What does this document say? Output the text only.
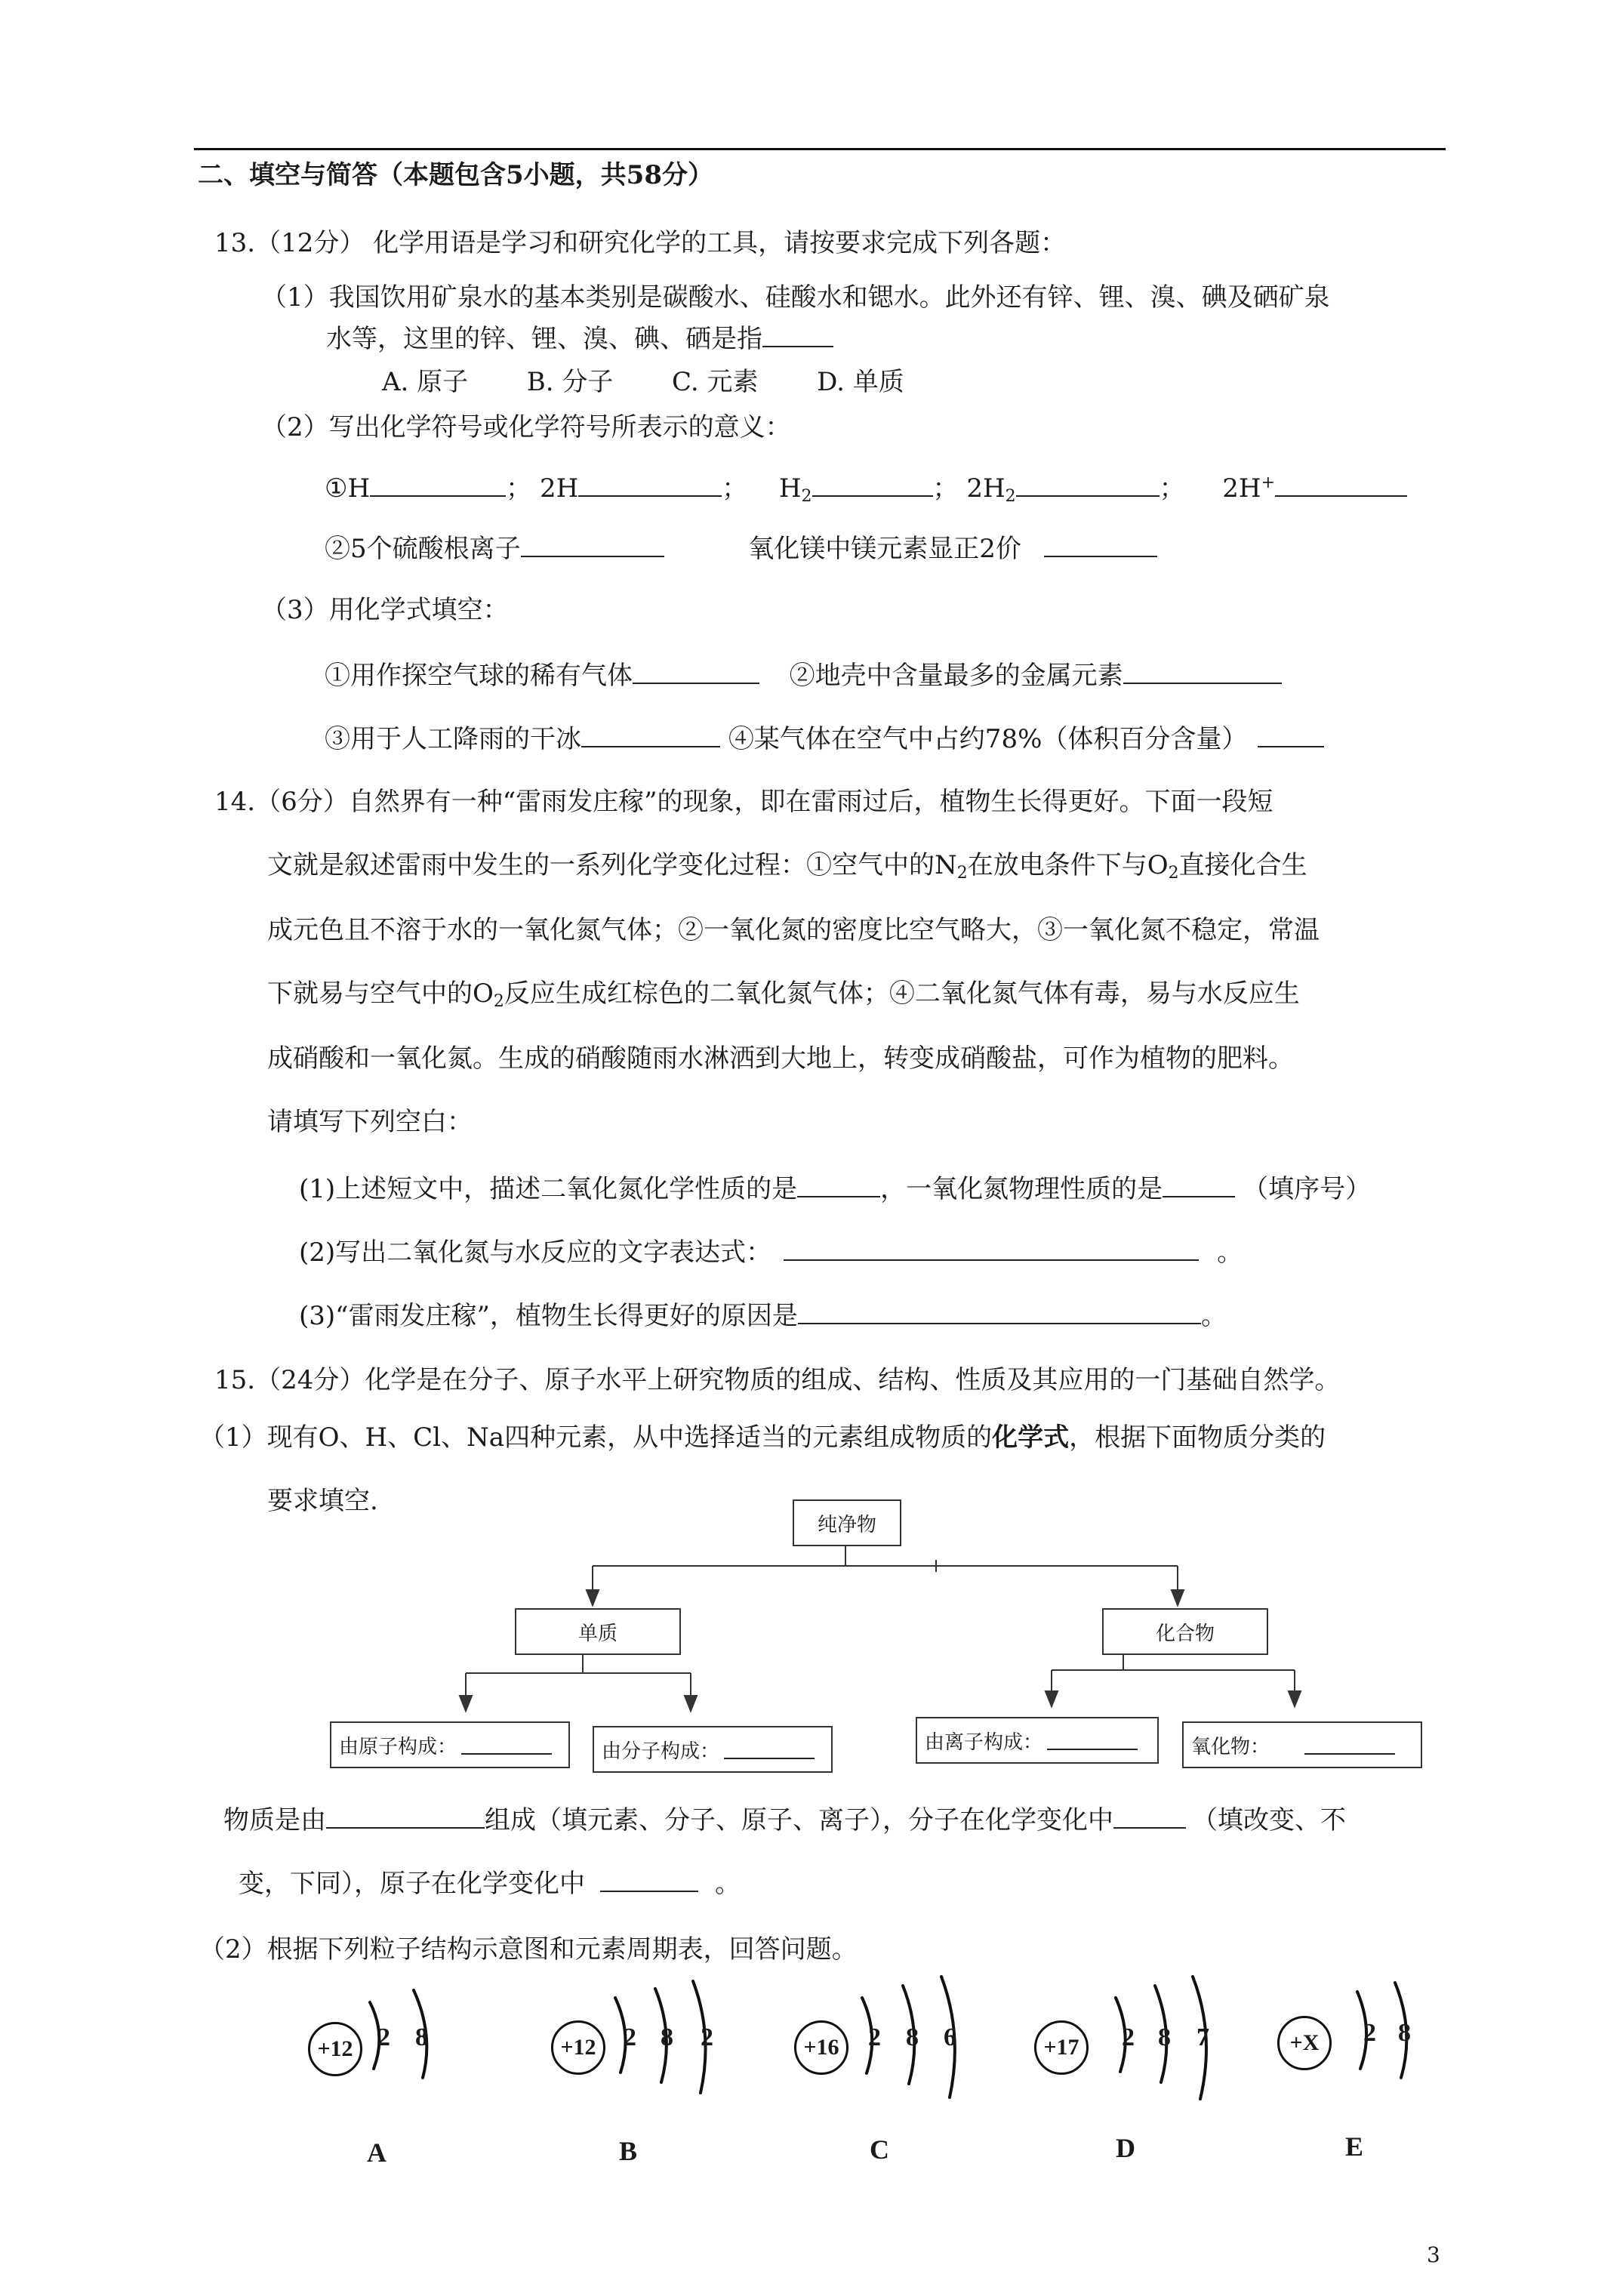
二、填空与简答（本题包含5小题，共58分）
13.（12分） 化学用语是学习和研究化学的工具，请按要求完成下列各题：
（1）我国饮用矿泉水的基本类别是碳酸水、硅酸水和锶水。此外还有锌、锂、溴、碘及硒矿泉
水等，这里的锌、锂、溴、碘、硒是指
A. 原子 B. 分子 C. 元素 D. 单质
（2）写出化学符号或化学符号所表示的意义：
①H	； 2H	； $H_2$	； $2H_2$	； 2H+
②5个硫酸根离子	氧化镁中镁元素显正2价
（3）用化学式填空：
①用作探空气球的稀有气体	②地壳中含量最多的金属元素
③用于人工降雨的干冰	④某气体在空气中占约78%（体积百分含量）
14.（6分）自然界有一种“雷雨发庄稼”的现象，即在雷雨过后，植物生长得更好。下面一段短
文就是叙述雷雨中发生的一系列化学变化过程：①空气中的$N_2$在放电条件下与$O_2$直接化合生
成元色且不溶于水的一氧化氮气体；②一氧化氮的密度比空气略大，③一氧化氮不稳定，常温
下就易与空气中的$O_2$反应生成红棕色的二氧化氮气体；④二氧化氮气体有毒，易与水反应生
成硝酸和一氧化氮。生成的硝酸随雨水淋洒到大地上，转变成硝酸盐，可作为植物的肥料。
请填写下列空白：
(1)上述短文中，描述二氧化氮化学性质的是	，一氧化氮物理性质的是	（填序号）
(2)写出二氧化氮与水反应的文字表达式：	。
(3)“雷雨发庄稼”，植物生长得更好的原因是	。
15.（24分）化学是在分子、原子水平上研究物质的组成、结构、性质及其应用的一门基础自然学。
（1）现有O、H、Cl、Na四种元素，从中选择适当的元素组成物质的化学式，根据下面物质分类的
要求填空.
纯净物
单质	化合物
由原子构成：	由分子构成：	由离子构成：	氧化物：
物质是由	组成（填元素、分子、原子、离子），分子在化学变化中	（填改变、不
变，下同），原子在化学变化中	。
（2）根据下列粒子结构示意图和元素周期表，回答问题。
+12 2 8
A
+12	2 8 2
B
+16	2 8 6
C
+17	2 8 7
D
+X	2 8
E
3
